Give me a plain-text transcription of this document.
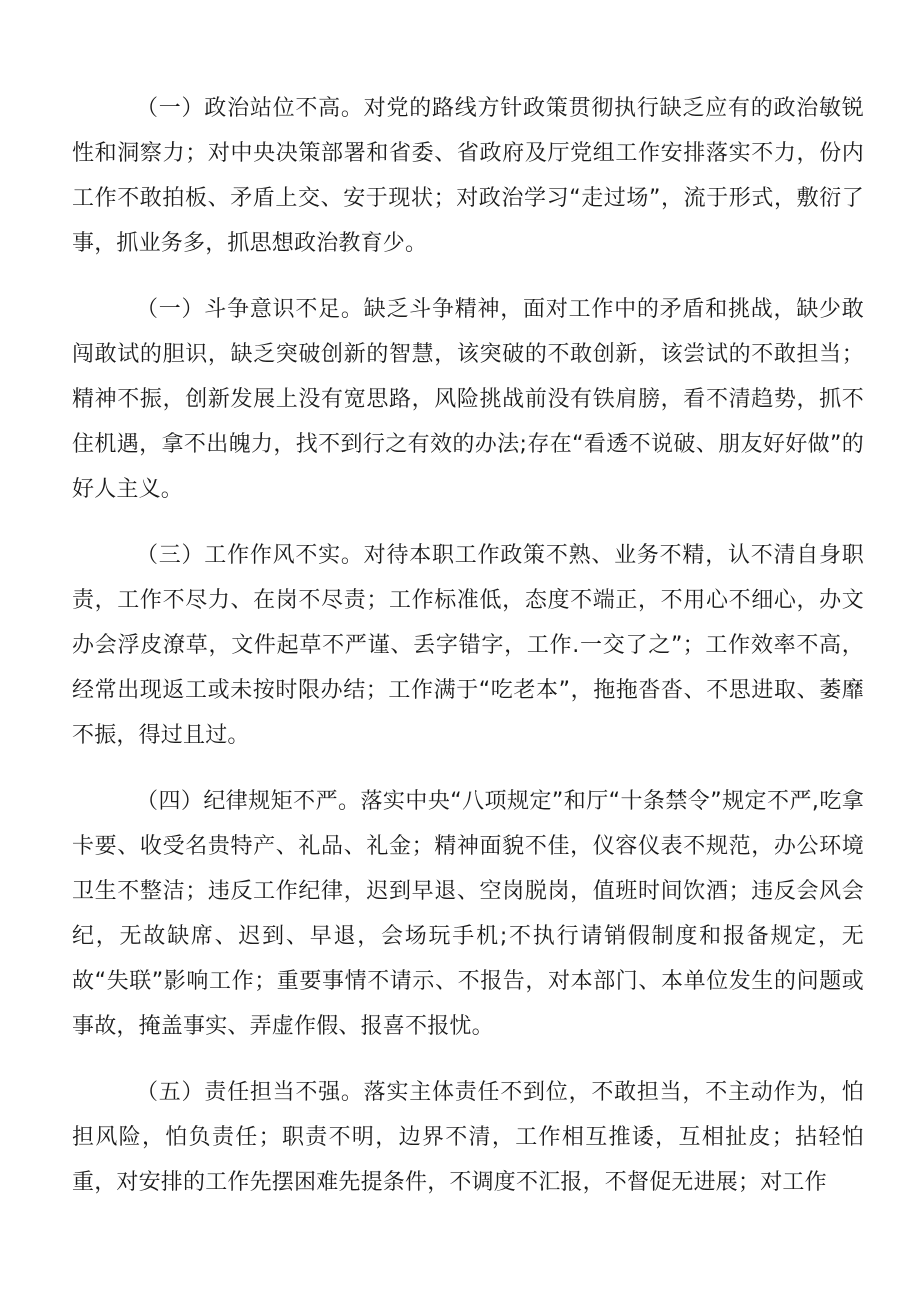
（一）政治站位不高。对党的路线方针政策贯彻执行缺乏应有的政治敏锐性和洞察力；对中央决策部署和省委、省政府及厅党组工作安排落实不力，份内工作不敢拍板、矛盾上交、安于现状；对政治学习“走过场”，流于形式，敷衍了事，抓业务多，抓思想政治教育少。

（一）斗争意识不足。缺乏斗争精神，面对工作中的矛盾和挑战，缺少敢闯敢试的胆识，缺乏突破创新的智慧，该突破的不敢创新，该尝试的不敢担当；精神不振，创新发展上没有宽思路，风险挑战前没有铁肩膀，看不清趋势，抓不住机遇，拿不出魄力，找不到行之有效的办法;存在“看透不说破、朋友好好做”的好人主义。

（三）工作作风不实。对待本职工作政策不熟、业务不精，认不清自身职责，工作不尽力、在岗不尽责；工作标准低，态度不端正，不用心不细心，办文办会浮皮潦草，文件起草不严谨、丢字错字，工作.一交了之”；工作效率不高，经常出现返工或未按时限办结；工作满于“吃老本”，拖拖沓沓、不思进取、萎靡不振，得过且过。

（四）纪律规矩不严。落实中央“八项规定”和厅“十条禁令”规定不严,吃拿卡要、收受名贵特产、礼品、礼金；精神面貌不佳，仪容仪表不规范，办公环境卫生不整洁；违反工作纪律，迟到早退、空岗脱岗，值班时间饮酒；违反会风会纪，无故缺席、迟到、早退，会场玩手机;不执行请销假制度和报备规定，无故“失联”影响工作；重要事情不请示、不报告，对本部门、本单位发生的问题或事故，掩盖事实、弄虚作假、报喜不报忧。

（五）责任担当不强。落实主体责任不到位，不敢担当，不主动作为，怕担风险，怕负责任；职责不明，边界不清，工作相互推诿，互相扯皮；拈轻怕重，对安排的工作先摆困难先提条件，不调度不汇报，不督促无进展；对工作
